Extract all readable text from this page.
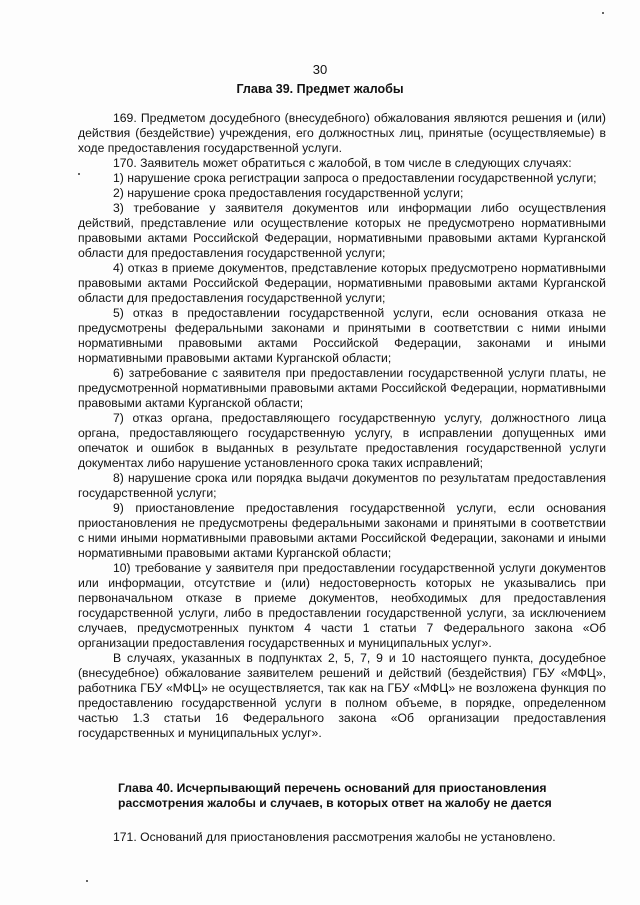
30
Глава 39. Предмет жалобы

169. Предметом досудебного (внесудебного) обжалования являются решения и (или) действия (бездействие) учреждения, его должностных лиц, принятые (осуществляемые) в ходе предоставления государственной услуги.

170. Заявитель может обратиться с жалобой, в том числе в следующих случаях:

1) нарушение срока регистрации запроса о предоставлении государственной услуги;

2) нарушение срока предоставления государственной услуги;

3) требование у заявителя документов или информации либо осуществления действий, представление или осуществление которых не предусмотрено нормативными правовыми актами Российской Федерации, нормативными правовыми актами Курганской области для предоставления государственной услуги;

4) отказ в приеме документов, представление которых предусмотрено нормативными правовыми актами Российской Федерации, нормативными правовыми актами Курганской области для предоставления государственной услуги;

5) отказ в предоставлении государственной услуги, если основания отказа не предусмотрены федеральными законами и принятыми в соответствии с ними иными нормативными правовыми актами Российской Федерации, законами и иными нормативными правовыми актами Курганской области;

6) затребование с заявителя при предоставлении государственной услуги платы, не предусмотренной нормативными правовыми актами Российской Федерации, нормативными правовыми актами Курганской области;

7) отказ органа, предоставляющего государственную услугу, должностного лица органа, предоставляющего государственную услугу, в исправлении допущенных ими опечаток и ошибок в выданных в результате предоставления государственной услуги документах либо нарушение установленного срока таких исправлений;

8) нарушение срока или порядка выдачи документов по результатам предоставления государственной услуги;

9) приостановление предоставления государственной услуги, если основания приостановления не предусмотрены федеральными законами и принятыми в соответствии с ними иными нормативными правовыми актами Российской Федерации, законами и иными нормативными правовыми актами Курганской области;

10) требование у заявителя при предоставлении государственной услуги документов или информации, отсутствие и (или) недостоверность которых не указывались при первоначальном отказе в приеме документов, необходимых для предоставления государственной услуги, либо в предоставлении государственной услуги, за исключением случаев, предусмотренных пунктом 4 части 1 статьи 7 Федерального закона «Об организации предоставления государственных и муниципальных услуг».

В случаях, указанных в подпунктах 2, 5, 7, 9 и 10 настоящего пункта, досудебное (внесудебное) обжалование заявителем решений и действий (бездействия) ГБУ «МФЦ», работника ГБУ «МФЦ» не осуществляется, так как на ГБУ «МФЦ» не возложена функция по предоставлению государственной услуги в полном объеме, в порядке, определенном частью 1.3 статьи 16 Федерального закона «Об организации предоставления государственных и муниципальных услуг».

Глава 40. Исчерпывающий перечень оснований для приостановления рассмотрения жалобы и случаев, в которых ответ на жалобу не дается
171. Оснований для приостановления рассмотрения жалобы не установлено.
